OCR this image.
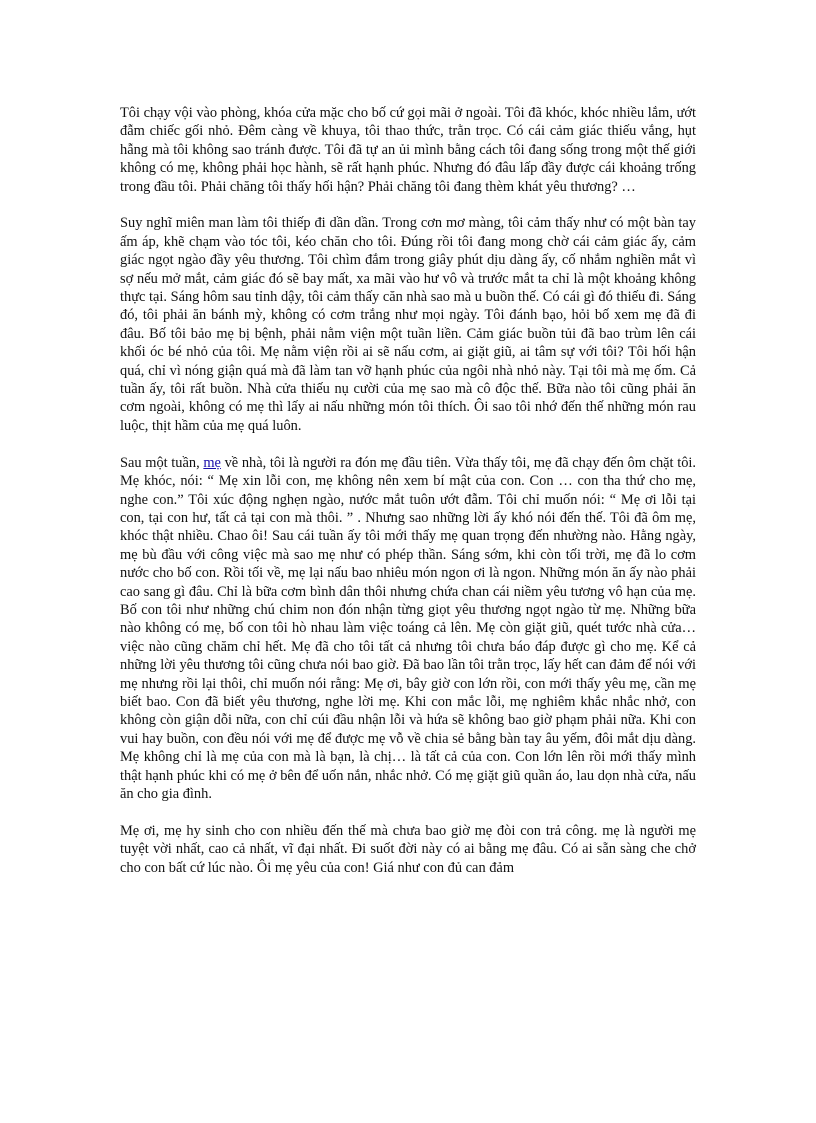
Tôi chạy vội vào phòng, khóa cửa mặc cho bố cứ gọi mãi ở ngoài. Tôi đã khóc, khóc nhiều lắm, ướt đẫm chiếc gối nhỏ. Đêm càng về khuya, tôi thao thức, trằn trọc. Có cái cảm giác thiếu vắng, hụt hẫng mà tôi không sao tránh được. Tôi đã tự an ủi mình bằng cách tôi đang sống trong một thế giới không có mẹ, không phải học hành, sẽ rất hạnh phúc. Nhưng đó đâu lấp đầy được cái khoảng trống trong đầu tôi. Phải chăng tôi thấy hối hận? Phải chăng tôi đang thèm khát yêu thương? …

Suy nghĩ miên man làm tôi thiếp đi dần dần. Trong cơn mơ màng, tôi cảm thấy như có một bàn tay ấm áp, khẽ chạm vào tóc tôi, kéo chăn cho tôi. Đúng rồi tôi đang mong chờ cái cảm giác ấy, cảm giác ngọt ngào đầy yêu thương. Tôi chìm đắm trong giây phút dịu dàng ấy, cố nhắm nghiền mắt vì sợ nếu mở mắt, cảm giác đó sẽ bay mất, xa mãi vào hư vô và trước mắt ta chỉ là một khoảng không thực tại. Sáng hôm sau tỉnh dậy, tôi cảm thấy căn nhà sao mà u buồn thế. Có cái gì đó thiếu đi. Sáng đó, tôi phải ăn bánh mỳ, không có cơm trắng như mọi ngày. Tôi đánh bạo, hỏi bố xem mẹ đã đi đâu. Bố tôi bảo mẹ bị bệnh, phải nằm viện một tuần liền. Cảm giác buồn tủi đã bao trùm lên cái khối óc bé nhỏ của tôi. Mẹ nằm viện rồi ai sẽ nấu cơm, ai giặt giũ, ai tâm sự với tôi? Tôi hối hận quá, chỉ vì nóng giận quá mà đã làm tan vỡ hạnh phúc của ngôi nhà nhỏ này. Tại tôi mà mẹ ốm. Cả tuần ấy, tôi rất buồn. Nhà cửa thiếu nụ cười của mẹ sao mà cô độc thế. Bữa nào tôi cũng phải ăn cơm ngoài, không có mẹ thì lấy ai nấu những món tôi thích. Ôi sao tôi nhớ đến thế những món rau luộc, thịt hầm của mẹ quá luôn.

Sau một tuần, mẹ về nhà, tôi là người ra đón mẹ đầu tiên. Vừa thấy tôi, mẹ đã chạy đến ôm chặt tôi. Mẹ khóc, nói: “ Mẹ xin lỗi con, mẹ không nên xem bí mật của con. Con … con tha thứ cho mẹ, nghe con.” Tôi xúc động nghẹn ngào, nước mắt tuôn ướt đẫm. Tôi chỉ muốn nói: “ Mẹ ơi lỗi tại con, tại con hư, tất cả tại con mà thôi. ” . Nhưng sao những lời ấy khó nói đến thế. Tôi đã ôm mẹ, khóc thật nhiều. Chao ôi! Sau cái tuần ấy tôi mới thấy mẹ quan trọng đến nhường nào. Hằng ngày, mẹ bù đầu với công việc mà sao mẹ như có phép thần. Sáng sớm, khi còn tối trời, mẹ đã lo cơm nước cho bố con. Rồi tối về, mẹ lại nấu bao nhiêu món ngon ơi là ngon. Những món ăn ấy nào phải cao sang gì đâu. Chỉ là bữa cơm bình dân thôi nhưng chứa chan cái niềm yêu tương vô hạn của mẹ. Bố con tôi như những chú chim non đón nhận từng giọt yêu thương ngọt ngào từ mẹ. Những bữa nào không có mẹ, bố con tôi hò nhau làm việc toáng cả lên. Mẹ còn giặt giũ, quét tước nhà cửa… việc nào cũng chăm chỉ hết. Mẹ đã cho tôi tất cả nhưng tôi chưa báo đáp được gì cho mẹ. Kể cả những lời yêu thương tôi cũng chưa nói bao giờ. Đã bao lần tôi trằn trọc, lấy hết can đảm để nói với mẹ nhưng rồi lại thôi, chỉ muốn nói rằng: Mẹ ơi, bây giờ con lớn rồi, con mới thấy yêu mẹ, cần mẹ biết bao. Con đã biết yêu thương, nghe lời mẹ. Khi con mắc lỗi, mẹ nghiêm khắc nhắc nhở, con không còn giận dỗi nữa, con chỉ cúi đầu nhận lỗi và hứa sẽ không bao giờ phạm phải nữa. Khi con vui hay buồn, con đều nói với mẹ để được mẹ vỗ về chia sẻ bằng bàn tay âu yếm, đôi mắt dịu dàng. Mẹ không chỉ là mẹ của con mà là bạn, là chị… là tất cả của con. Con lớn lên rồi mới thấy mình thật hạnh phúc khi có mẹ ở bên để uốn nắn, nhắc nhở. Có mẹ giặt giũ quần áo, lau dọn nhà cửa, nấu ăn cho gia đình.

Mẹ ơi, mẹ hy sinh cho con nhiều đến thế mà chưa bao giờ mẹ đòi con trả công. mẹ là người mẹ tuyệt vời nhất, cao cả nhất, vĩ đại nhất. Đi suốt đời này có ai bằng mẹ đâu. Có ai sẵn sàng che chở cho con bất cứ lúc nào. Ôi mẹ yêu của con! Giá như con đủ can đảm
